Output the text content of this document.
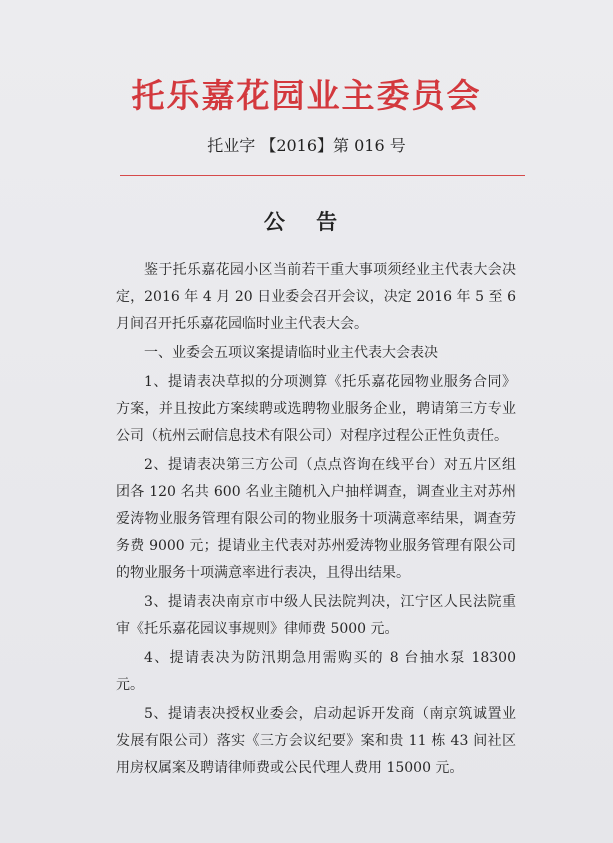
托乐嘉花园业主委员会
托业字 【2016】第 016 号
公 告

鉴于托乐嘉花园小区当前若干重大事项须经业主代表大会决定，2016 年 4 月 20 日业委会召开会议，决定 2016 年 5 至 6 月间召开托乐嘉花园临时业主代表大会。

一、业委会五项议案提请临时业主代表大会表决

1、提请表决草拟的分项测算《托乐嘉花园物业服务合同》方案，并且按此方案续聘或选聘物业服务企业，聘请第三方专业公司（杭州云耐信息技术有限公司）对程序过程公正性负责任。

2、提请表决第三方公司（点点咨询在线平台）对五片区组团各 120 名共 600 名业主随机入户抽样调查，调查业主对苏州爱涛物业服务管理有限公司的物业服务十项满意率结果，调查劳务费 9000 元；提请业主代表对苏州爱涛物业服务管理有限公司的物业服务十项满意率进行表决，且得出结果。

3、提请表决南京市中级人民法院判决，江宁区人民法院重审《托乐嘉花园议事规则》律师费 5000 元。

4、提请表决为防汛期急用需购买的 8 台抽水泵 18300 元。

5、提请表决授权业委会，启动起诉开发商（南京筑诚置业发展有限公司）落实《三方会议纪要》案和贵 11 栋 43 间社区用房权属案及聘请律师费或公民代理人费用 15000 元。
